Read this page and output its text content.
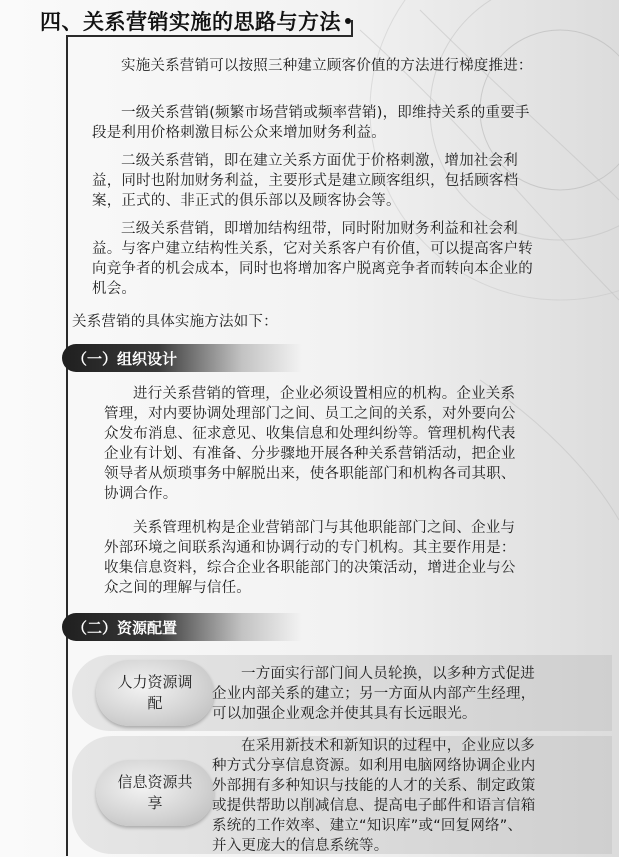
四、关系营销实施的思路与方法

实施关系营销可以按照三种建立顾客价值的方法进行梯度推进：

一级关系营销(频繁市场营销或频率营销)，即维持关系的重要手段是利用价格刺激目标公众来增加财务利益。

二级关系营销，即在建立关系方面优于价格刺激，增加社会利益，同时也附加财务利益，主要形式是建立顾客组织，包括顾客档案，正式的、非正式的俱乐部以及顾客协会等。

三级关系营销，即增加结构纽带，同时附加财务利益和社会利益。与客户建立结构性关系，它对关系客户有价值，可以提高客户转向竞争者的机会成本，同时也将增加客户脱离竞争者而转向本企业的机会。

关系营销的具体实施方法如下：

（一）组织设计

进行关系营销的管理，企业必须设置相应的机构。企业关系管理，对内要协调处理部门之间、员工之间的关系，对外要向公众发布消息、征求意见、收集信息和处理纠纷等。管理机构代表企业有计划、有准备、分步骤地开展各种关系营销活动，把企业领导者从烦琐事务中解脱出来，使各职能部门和机构各司其职、协调合作。

关系管理机构是企业营销部门与其他职能部门之间、企业与外部环境之间联系沟通和协调行动的专门机构。其主要作用是：收集信息资料，综合企业各职能部门的决策活动，增进企业与公众之间的理解与信任。

（二）资源配置
人力资源调配

一方面实行部门间人员轮换，以多种方式促进企业内部关系的建立；另一方面从内部产生经理，可以加强企业观念并使其具有长远眼光。

信息资源共享

在采用新技术和新知识的过程中，企业应以多种方式分享信息资源。如利用电脑网络协调企业内外部拥有多种知识与技能的人才的关系、制定政策或提供帮助以削减信息、提高电子邮件和语言信箱系统的工作效率、建立“知识库”或“回复网络”、并入更庞大的信息系统等。
